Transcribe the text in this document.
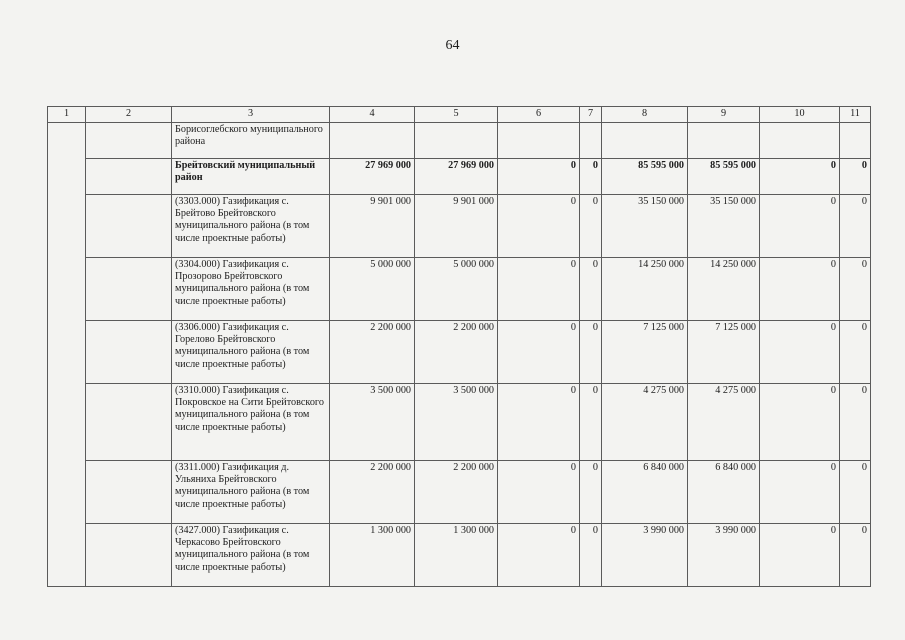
64
1	2	3	4	5	6	7	8	9	10	11
		Борисоглебского муниципального района								
		Брейтовский муниципальный район	27 969 000	27 969 000	0	0	85 595 000	85 595 000	0	0
		(3303.000) Газификация с. Брейтово Брейтовского муниципального района (в том числе проектные работы)	9 901 000	9 901 000	0	0	35 150 000	35 150 000	0	0
		(3304.000) Газификация с. Прозорово Брейтовского муниципального района (в том числе проектные работы)	5 000 000	5 000 000	0	0	14 250 000	14 250 000	0	0
		(3306.000) Газификация с. Горелово Брейтовского муниципального района (в том числе проектные работы)	2 200 000	2 200 000	0	0	7 125 000	7 125 000	0	0
		(3310.000) Газификация с. Покровское на Сити Брейтовского муниципального района (в том числе проектные работы)	3 500 000	3 500 000	0	0	4 275 000	4 275 000	0	0
		(3311.000) Газификация д. Ульяниха Брейтовского муниципального района (в том числе проектные работы)	2 200 000	2 200 000	0	0	6 840 000	6 840 000	0	0
		(3427.000) Газификация с. Черкасово Брейтовского муниципального района (в том числе проектные работы)	1 300 000	1 300 000	0	0	3 990 000	3 990 000	0	0
